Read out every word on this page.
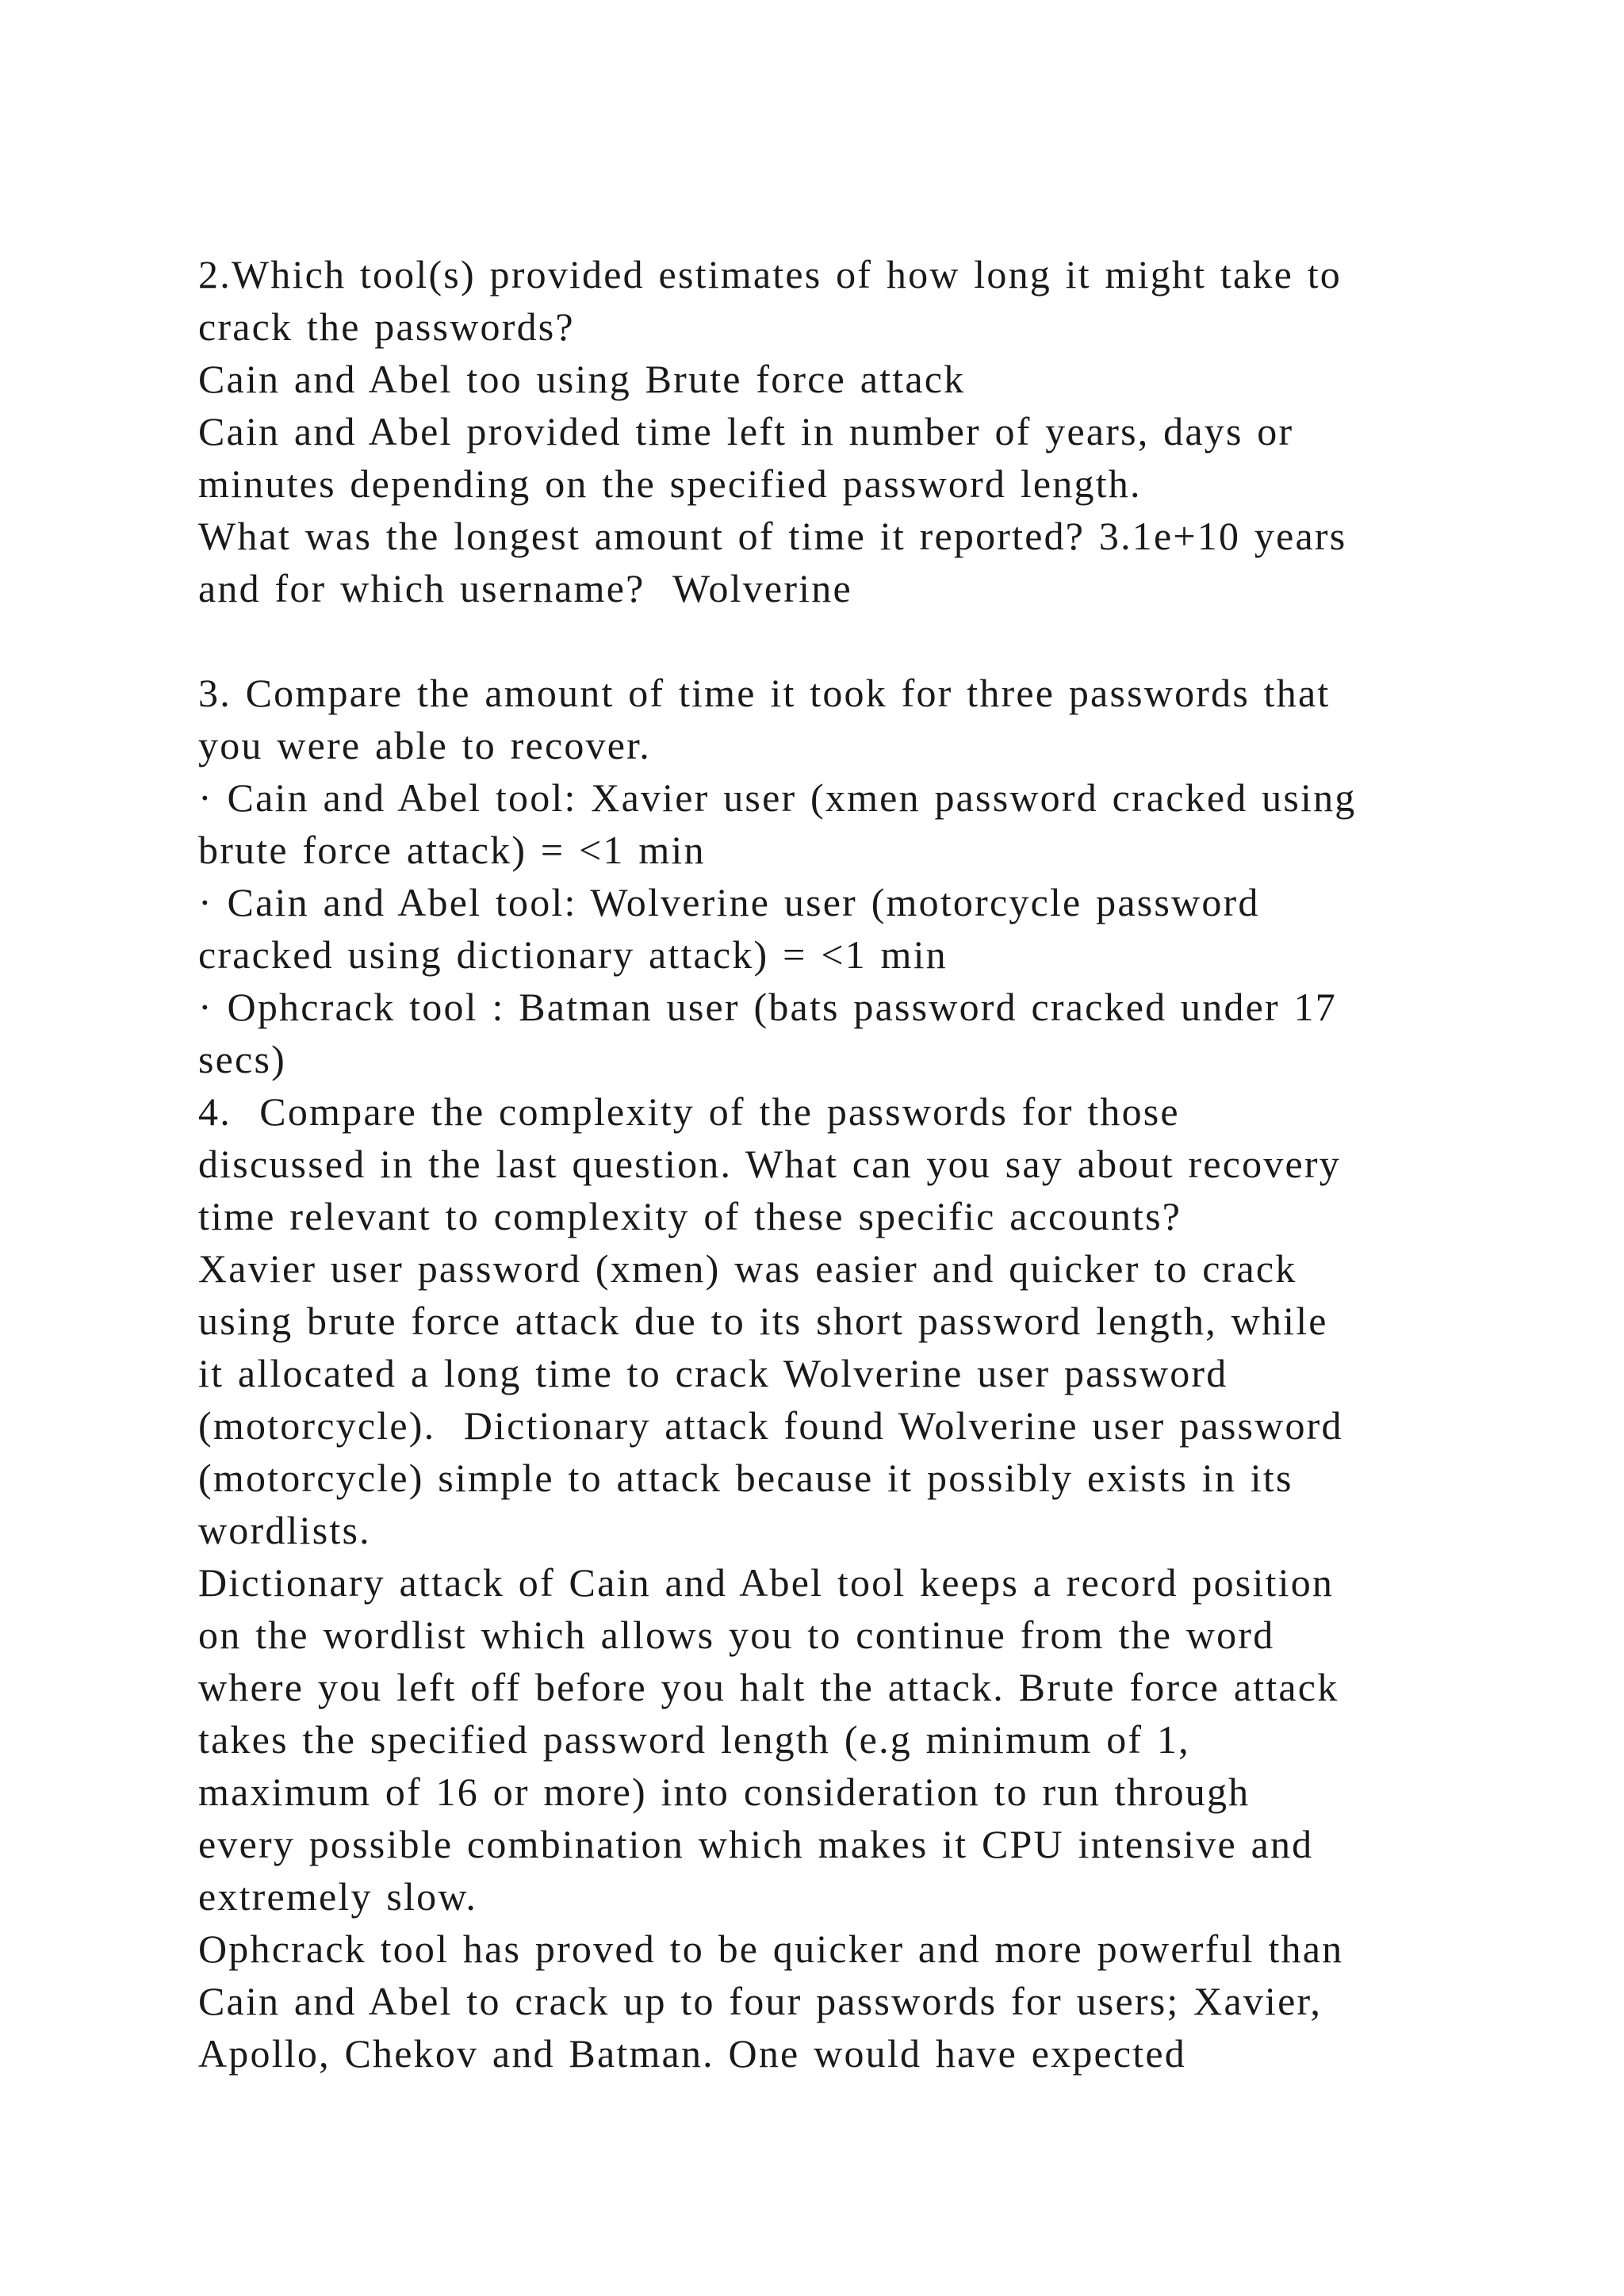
2.Which tool(s) provided estimates of how long it might take to
crack the passwords?
Cain and Abel too using Brute force attack
Cain and Abel provided time left in number of years, days or
minutes depending on the specified password length.
What was the longest amount of time it reported? 3.1e+10 years
and for which username?  Wolverine
3. Compare the amount of time it took for three passwords that
you were able to recover.
· Cain and Abel tool: Xavier user (xmen password cracked using
brute force attack) = <1 min
· Cain and Abel tool: Wolverine user (motorcycle password
cracked using dictionary attack) = <1 min
· Ophcrack tool : Batman user (bats password cracked under 17
secs)
4.  Compare the complexity of the passwords for those
discussed in the last question. What can you say about recovery
time relevant to complexity of these specific accounts?
Xavier user password (xmen) was easier and quicker to crack
using brute force attack due to its short password length, while
it allocated a long time to crack Wolverine user password
(motorcycle).  Dictionary attack found Wolverine user password
(motorcycle) simple to attack because it possibly exists in its
wordlists.
Dictionary attack of Cain and Abel tool keeps a record position
on the wordlist which allows you to continue from the word
where you left off before you halt the attack. Brute force attack
takes the specified password length (e.g minimum of 1,
maximum of 16 or more) into consideration to run through
every possible combination which makes it CPU intensive and
extremely slow.
Ophcrack tool has proved to be quicker and more powerful than
Cain and Abel to crack up to four passwords for users; Xavier,
Apollo, Chekov and Batman. One would have expected
